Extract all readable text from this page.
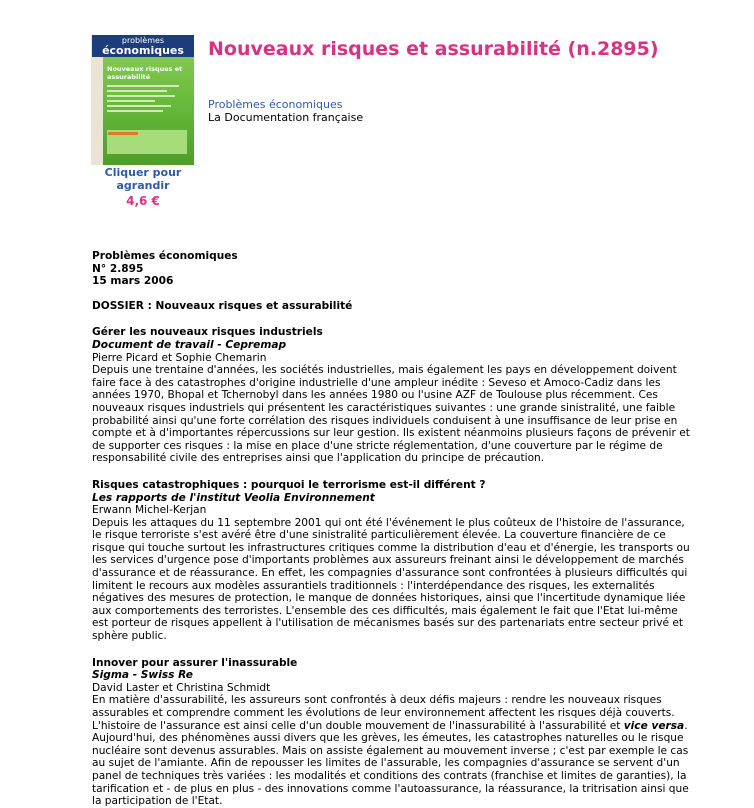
problèmes
économiques
Nouveaux risques et assurabilité
Cliquer pour agrandir
4,6 €
Nouveaux risques et assurabilité (n.2895)
Problèmes économiques
La Documentation française

Problèmes économiques

N° 2.895

15 mars 2006

DOSSIER : Nouveaux risques et assurabilité

Gérer les nouveaux risques industriels

Document de travail - Cepremap

Pierre Picard et Sophie Chemarin

Depuis une trentaine d'années, les sociétés industrielles, mais également les pays en développement doivent faire face à des catastrophes d'origine industrielle d'une ampleur inédite : Seveso et Amoco-Cadiz dans les années 1970, Bhopal et Tchernobyl dans les années 1980 ou l'usine AZF de Toulouse plus récemment. Ces nouveaux risques industriels qui présentent les caractéristiques suivantes : une grande sinistralité, une faible probabilité ainsi qu'une forte corrélation des risques individuels conduisent à une insuffisance de leur prise en compte et à d'importantes répercussions sur leur gestion. Ils existent néanmoins plusieurs façons de prévenir et de supporter ces risques : la mise en place d'une stricte réglementation, d'une couverture par le régime de responsabilité civile des entreprises ainsi que l'application du principe de précaution.

Risques catastrophiques : pourquoi le terrorisme est-il différent ?

Les rapports de l'institut Veolia Environnement

Erwann Michel-Kerjan

Depuis les attaques du 11 septembre 2001 qui ont été l'événement le plus coûteux de l'histoire de l'assurance, le risque terroriste s'est avéré être d'une sinistralité particulièrement élevée. La couverture financière de ce risque qui touche surtout les infrastructures critiques comme la distribution d'eau et d'énergie, les transports ou les services d'urgence pose d'importants problèmes aux assureurs freinant ainsi le développement de marchés d'assurance et de réassurance. En effet, les compagnies d'assurance sont confrontées à plusieurs difficultés qui limitent le recours aux modèles assurantiels traditionnels : l'interdépendance des risques, les externalités négatives des mesures de protection, le manque de données historiques, ainsi que l'incertitude dynamique liée aux comportements des terroristes. L'ensemble des ces difficultés, mais également le fait que l'Etat lui-même est porteur de risques appellent à l'utilisation de mécanismes basés sur des partenariats entre secteur privé et sphère public.

Innover pour assurer l'inassurable

Sigma - Swiss Re

David Laster et Christina Schmidt

En matière d'assurabilité, les assureurs sont confrontés à deux défis majeurs : rendre les nouveaux risques assurables et comprendre comment les évolutions de leur environnement affectent les risques déjà couverts.

L'histoire de l'assurance est ainsi celle d'un double mouvement de l'inassurabilité à l'assurabilité et vice versa. Aujourd'hui, des phénomènes aussi divers que les grèves, les émeutes, les catastrophes naturelles ou le risque nucléaire sont devenus assurables. Mais on assiste également au mouvement inverse ; c'est par exemple le cas au sujet de l'amiante. Afin de repousser les limites de l'assurable, les compagnies d'assurance se servent d'un panel de techniques très variées : les modalités et conditions des contrats (franchise et limites de garanties), la tarification et - de plus en plus - des innovations comme l'autoassurance, la réassurance, la tritrisation ainsi que la participation de l'Etat.
